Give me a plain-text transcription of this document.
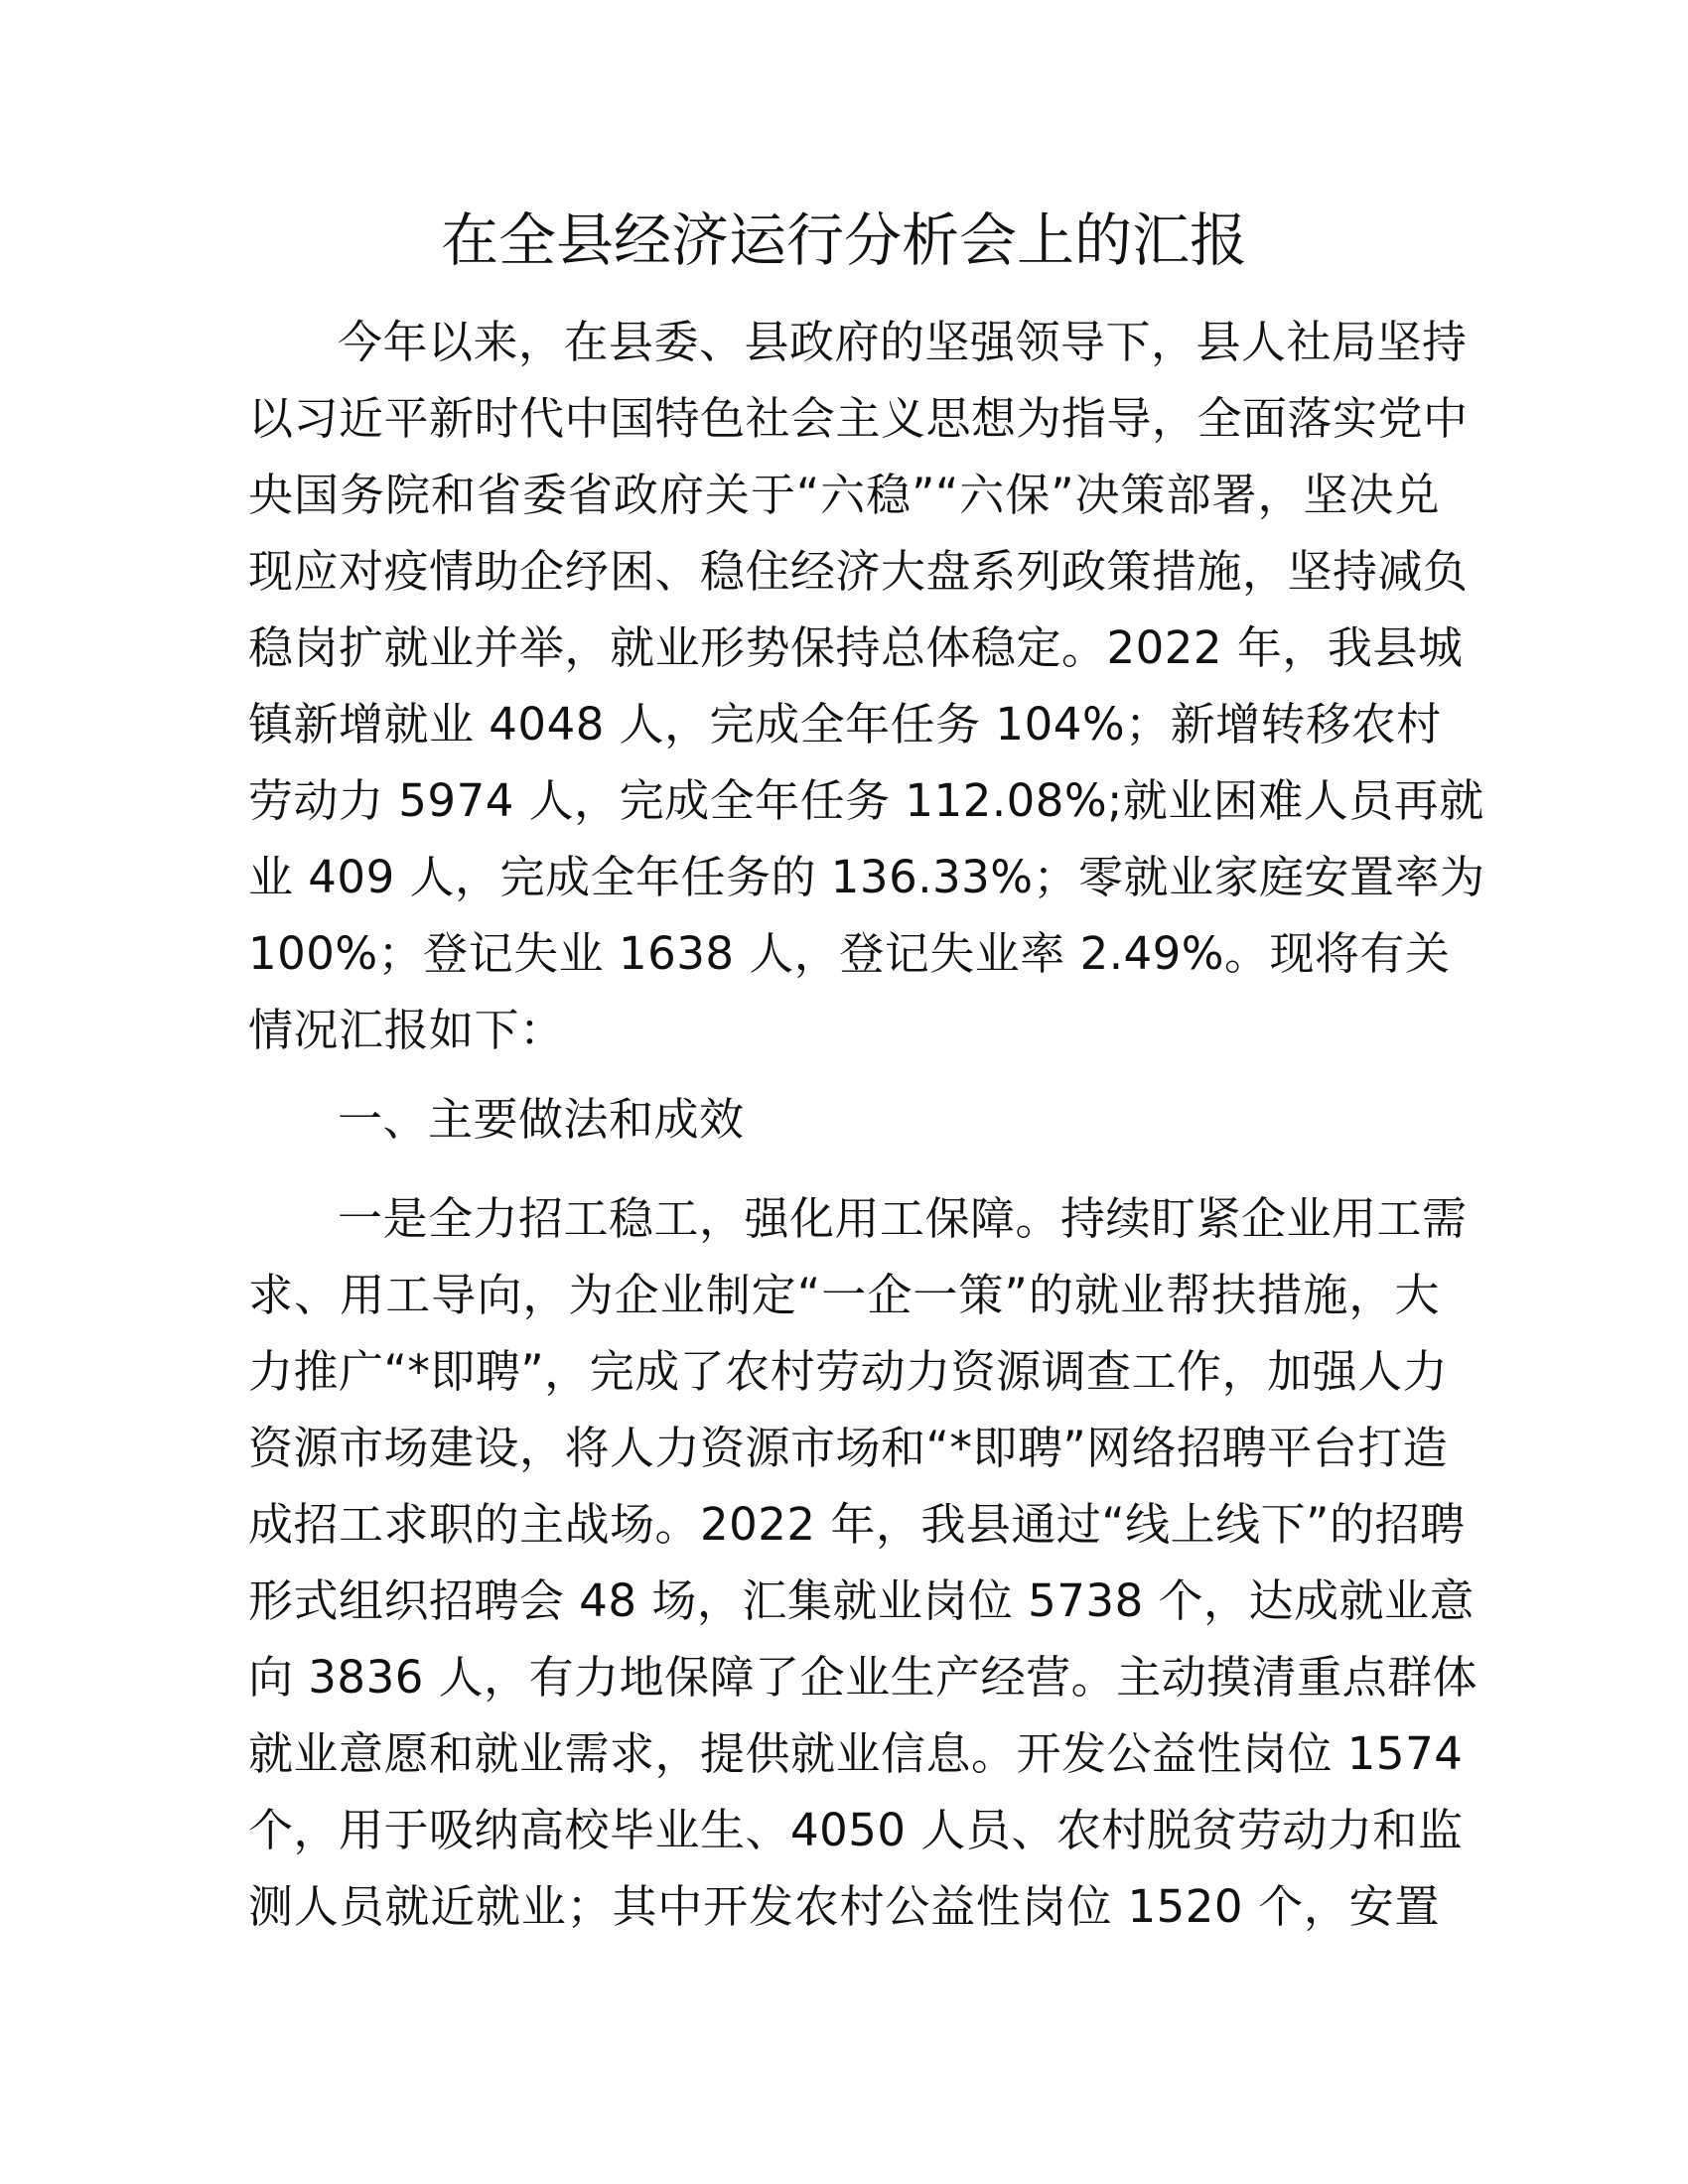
在全县经济运行分析会上的汇报
今年以来，在县委、县政府的坚强领导下，县人社局坚持
以习近平新时代中国特色社会主义思想为指导，全面落实党中
央国务院和省委省政府关于“六稳”“六保”决策部署，坚决兑
现应对疫情助企纾困、稳住经济大盘系列政策措施，坚持减负
稳岗扩就业并举，就业形势保持总体稳定。2022 年，我县城
镇新增就业 4048 人，完成全年任务 104%；新增转移农村
劳动力 5974 人，完成全年任务 112.08%;就业困难人员再就
业 409 人，完成全年任务的 136.33%；零就业家庭安置率为
100%；登记失业 1638 人，登记失业率 2.49%。现将有关
情况汇报如下：
一、主要做法和成效
一是全力招工稳工，强化用工保障。持续盯紧企业用工需
求、用工导向，为企业制定“一企一策”的就业帮扶措施，大
力推广“*即聘”，完成了农村劳动力资源调查工作，加强人力
资源市场建设，将人力资源市场和“*即聘”网络招聘平台打造
成招工求职的主战场。2022 年，我县通过“线上线下”的招聘
形式组织招聘会 48 场，汇集就业岗位 5738 个，达成就业意
向 3836 人，有力地保障了企业生产经营。主动摸清重点群体
就业意愿和就业需求，提供就业信息。开发公益性岗位 1574
个，用于吸纳高校毕业生、4050 人员、农村脱贫劳动力和监
测人员就近就业；其中开发农村公益性岗位 1520 个，安置
